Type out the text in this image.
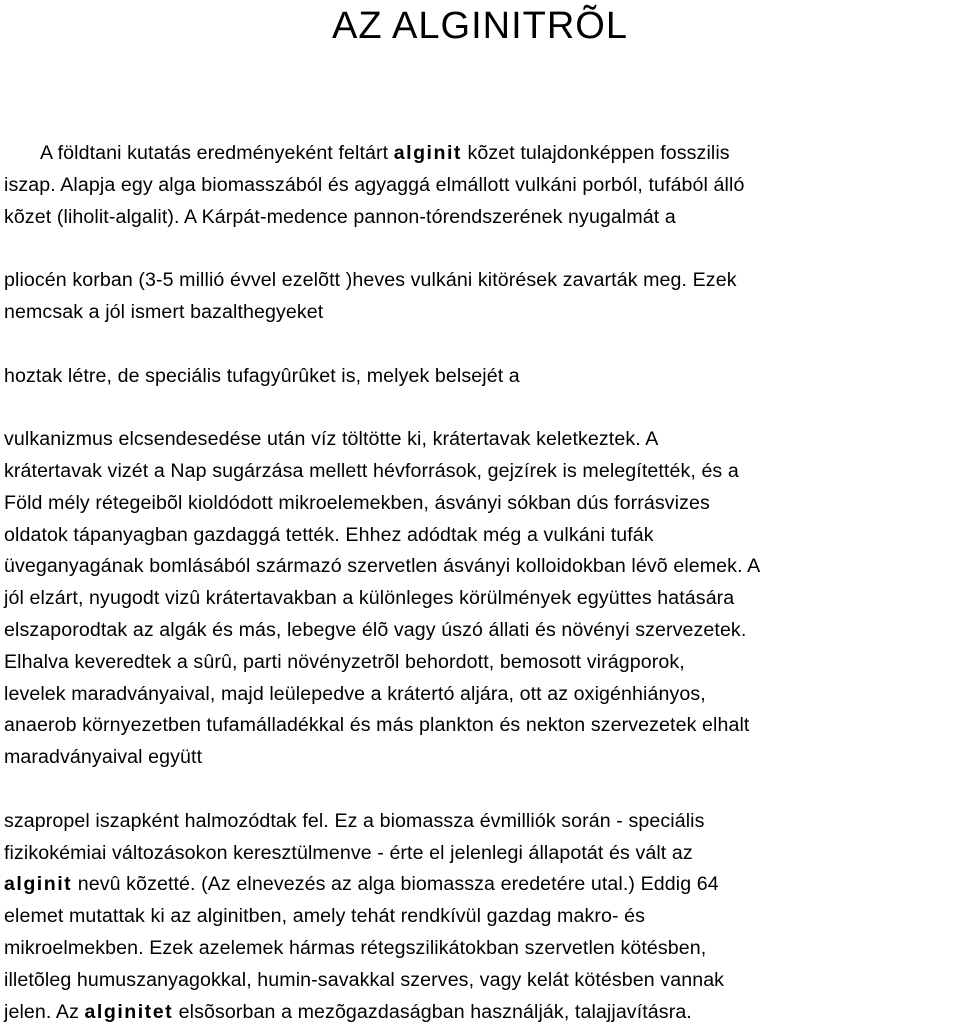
AZ ALGINITRÕL
A földtani kutatás eredményeként feltárt alginit kõzet tulajdonképpen fosszilis
iszap. Alapja egy alga biomasszából és agyaggá elmállott vulkáni porból, tufából álló
kõzet (liholit-algalit). A Kárpát-medence pannon-tórendszerének nyugalmát a
pliocén korban (3-5 millió évvel ezelõtt )heves vulkáni kitörések zavarták meg. Ezek
nemcsak a jól ismert bazalthegyeket
hoztak létre, de speciális tufagyûrûket is, melyek belsejét a
vulkanizmus elcsendesedése után víz töltötte ki, krátertavak keletkeztek. A
krátertavak vizét a Nap sugárzása mellett hévforrások, gejzírek is melegítették, és a
Föld mély rétegeibõl kioldódott mikroelemekben, ásványi sókban dús forrásvizes
oldatok tápanyagban gazdaggá tették. Ehhez adódtak még a vulkáni tufák
üveganyagának bomlásából származó szervetlen ásványi kolloidokban lévõ elemek. A
jól elzárt, nyugodt vizû krátertavakban a különleges körülmények együttes hatására
elszaporodtak az algák és más, lebegve élõ vagy úszó állati és növényi szervezetek.
Elhalva keveredtek a sûrû, parti növényzetrõl behordott, bemosott virágporok,
levelek maradványaival, majd leülepedve a krátertó aljára, ott az oxigénhiányos,
anaerob környezetben tufamálladékkal és más plankton és nekton szervezetek elhalt
maradványaival együtt
szapropel iszapként halmozódtak fel. Ez a biomassza évmilliók során - speciális
fizikokémiai változásokon keresztülmenve - érte el jelenlegi állapotát és vált az
alginit nevû kõzetté. (Az elnevezés az alga biomassza eredetére utal.) Eddig 64
elemet mutattak ki az alginitben, amely tehát rendkívül gazdag makro- és
mikroelmekben. Ezek azelemek hármas rétegszilikátokban szervetlen kötésben,
illetõleg humuszanyagokkal, humin-savakkal szerves, vagy kelát kötésben vannak
jelen. Az alginitet elsõsorban a mezõgazdaságban használják, talajjavításra.
